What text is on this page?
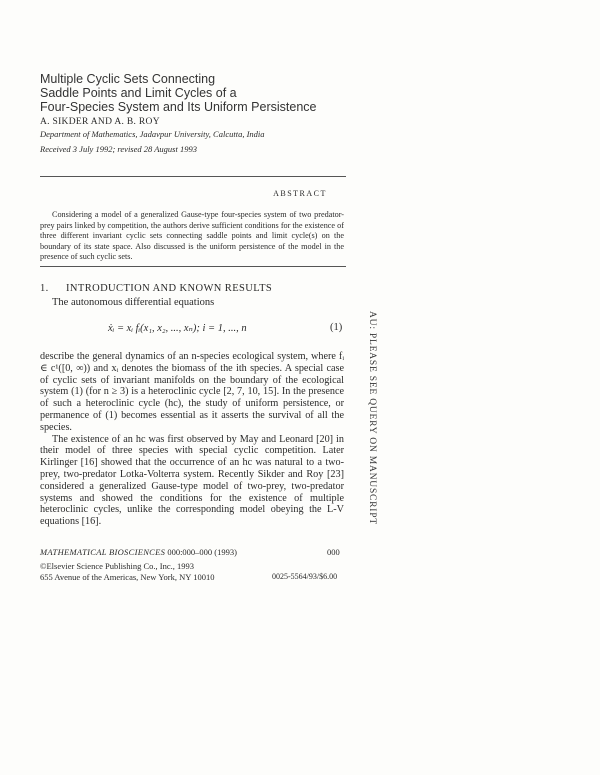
Multiple Cyclic Sets Connecting
Saddle Points and Limit Cycles of a
Four-Species System and Its Uniform Persistence
A. SIKDER AND A. B. ROY
Department of Mathematics, Jadavpur University, Calcutta, India
Received 3 July 1992; revised 28 August 1993
ABSTRACT
Considering a model of a generalized Gause-type four-species system of two predator-prey pairs linked by competition, the authors derive sufficient conditions for the existence of three different invariant cyclic sets connecting saddle points and limit cycle(s) on the boundary of its state space. Also discussed is the uniform persistence of the model in the presence of such cyclic sets.
1. INTRODUCTION AND KNOWN RESULTS
The autonomous differential equations
ẋᵢ = xᵢ fᵢ(x₁, x₂, ..., xₙ); i = 1, ..., n	(1)

describe the general dynamics of an n-species ecological system, where fᵢ ∈ c¹([0, ∞)) and xᵢ denotes the biomass of the ith species. A special case of cyclic sets of invariant manifolds on the boundary of the ecological system (1) (for n ≥ 3) is a heteroclinic cycle [2, 7, 10, 15]. In the presence of such a heteroclinic cycle (hc), the study of uniform persistence, or permanence of (1) becomes essential as it asserts the survival of all the species.

The existence of an hc was first observed by May and Leonard [20] in their model of three species with special cyclic competition. Later Kirlinger [16] showed that the occurrence of an hc was natural to a two-prey, two-predator Lotka-Volterra system. Recently Sikder and Roy [23] considered a generalized Gause-type model of two-prey, two-predator systems and showed the conditions for the existence of multiple heteroclinic cycles, unlike the corresponding model obeying the L-V equations [16].

MATHEMATICAL BIOSCIENCES 000:000–000 (1993)	000
©Elsevier Science Publishing Co., Inc., 1993
655 Avenue of the Americas, New York, NY 10010	0025-5564/93/$6.00
AU: PLEASE SEE QUERY ON MANUSCRIPT
